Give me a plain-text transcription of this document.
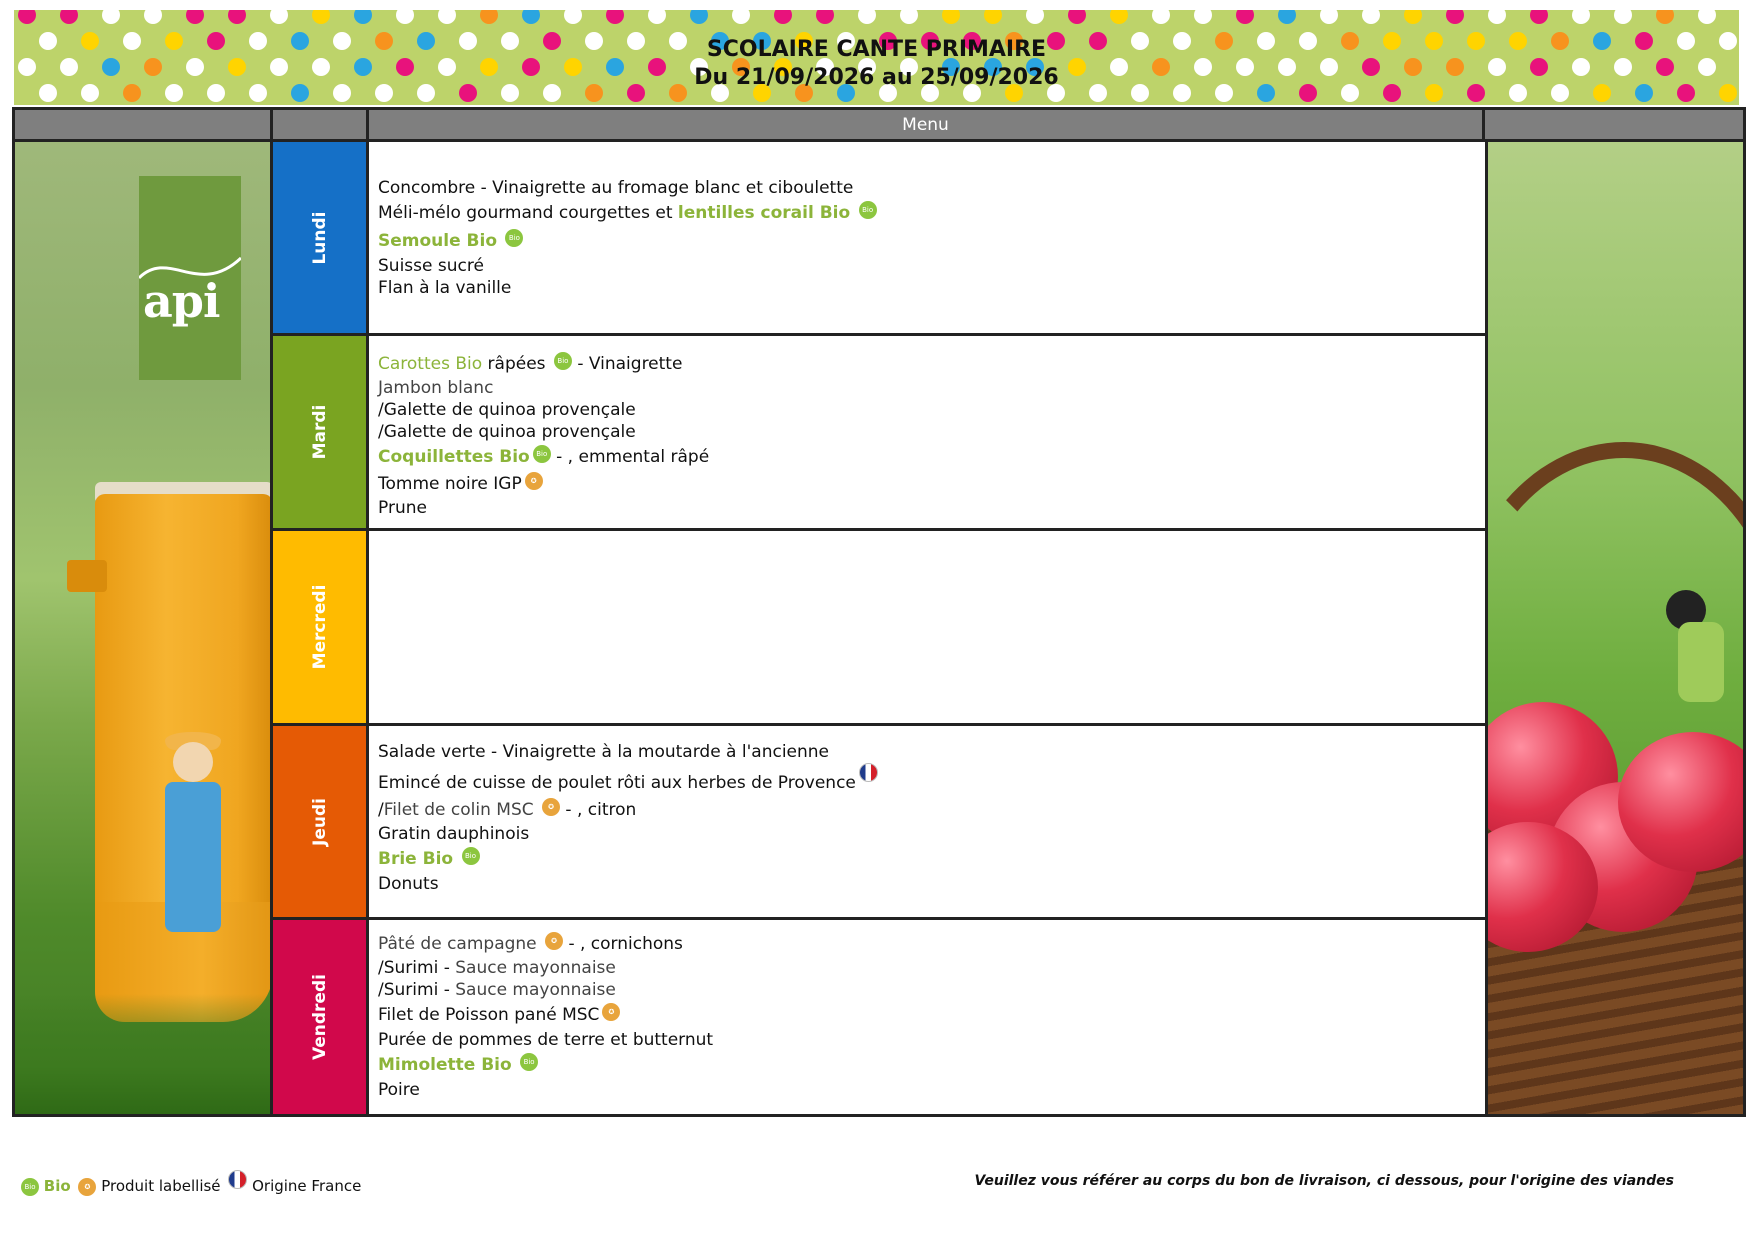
SCOLAIRE CANTE PRIMAIRE
Du 21/09/2026 au 25/09/2026
Menu
api
Lundi
Mardi
Mercredi
Jeudi
Vendredi
Concombre - Vinaigrette au fromage blanc et ciboulette
Méli-mélo gourmand courgettes et lentilles corail Bio Bio
Semoule Bio Bio
Suisse sucré
Flan à la vanille
Carottes Bio râpées Bio - Vinaigrette
Jambon blanc
/Galette de quinoa provençale
/Galette de quinoa provençale
Coquillettes Bio Bio - , emmental râpé
Tomme noire IGP ✪
Prune
Salade verte - Vinaigrette à la moutarde à l'ancienne
Emincé de cuisse de poulet rôti aux herbes de Provence
/Filet de colin MSC ✪ - , citron
Gratin dauphinois
Brie Bio Bio
Donuts
Pâté de campagne ✪ - , cornichons
/Surimi - Sauce mayonnaise
/Surimi - Sauce mayonnaise
Filet de Poisson pané MSC ✪
Purée de pommes de terre et butternut
Mimolette Bio Bio
Poire
Bio Bio ✪ Produit labellisé Origine France	Veuillez vous référer au corps du bon de livraison, ci dessous, pour l'origine des viandes
